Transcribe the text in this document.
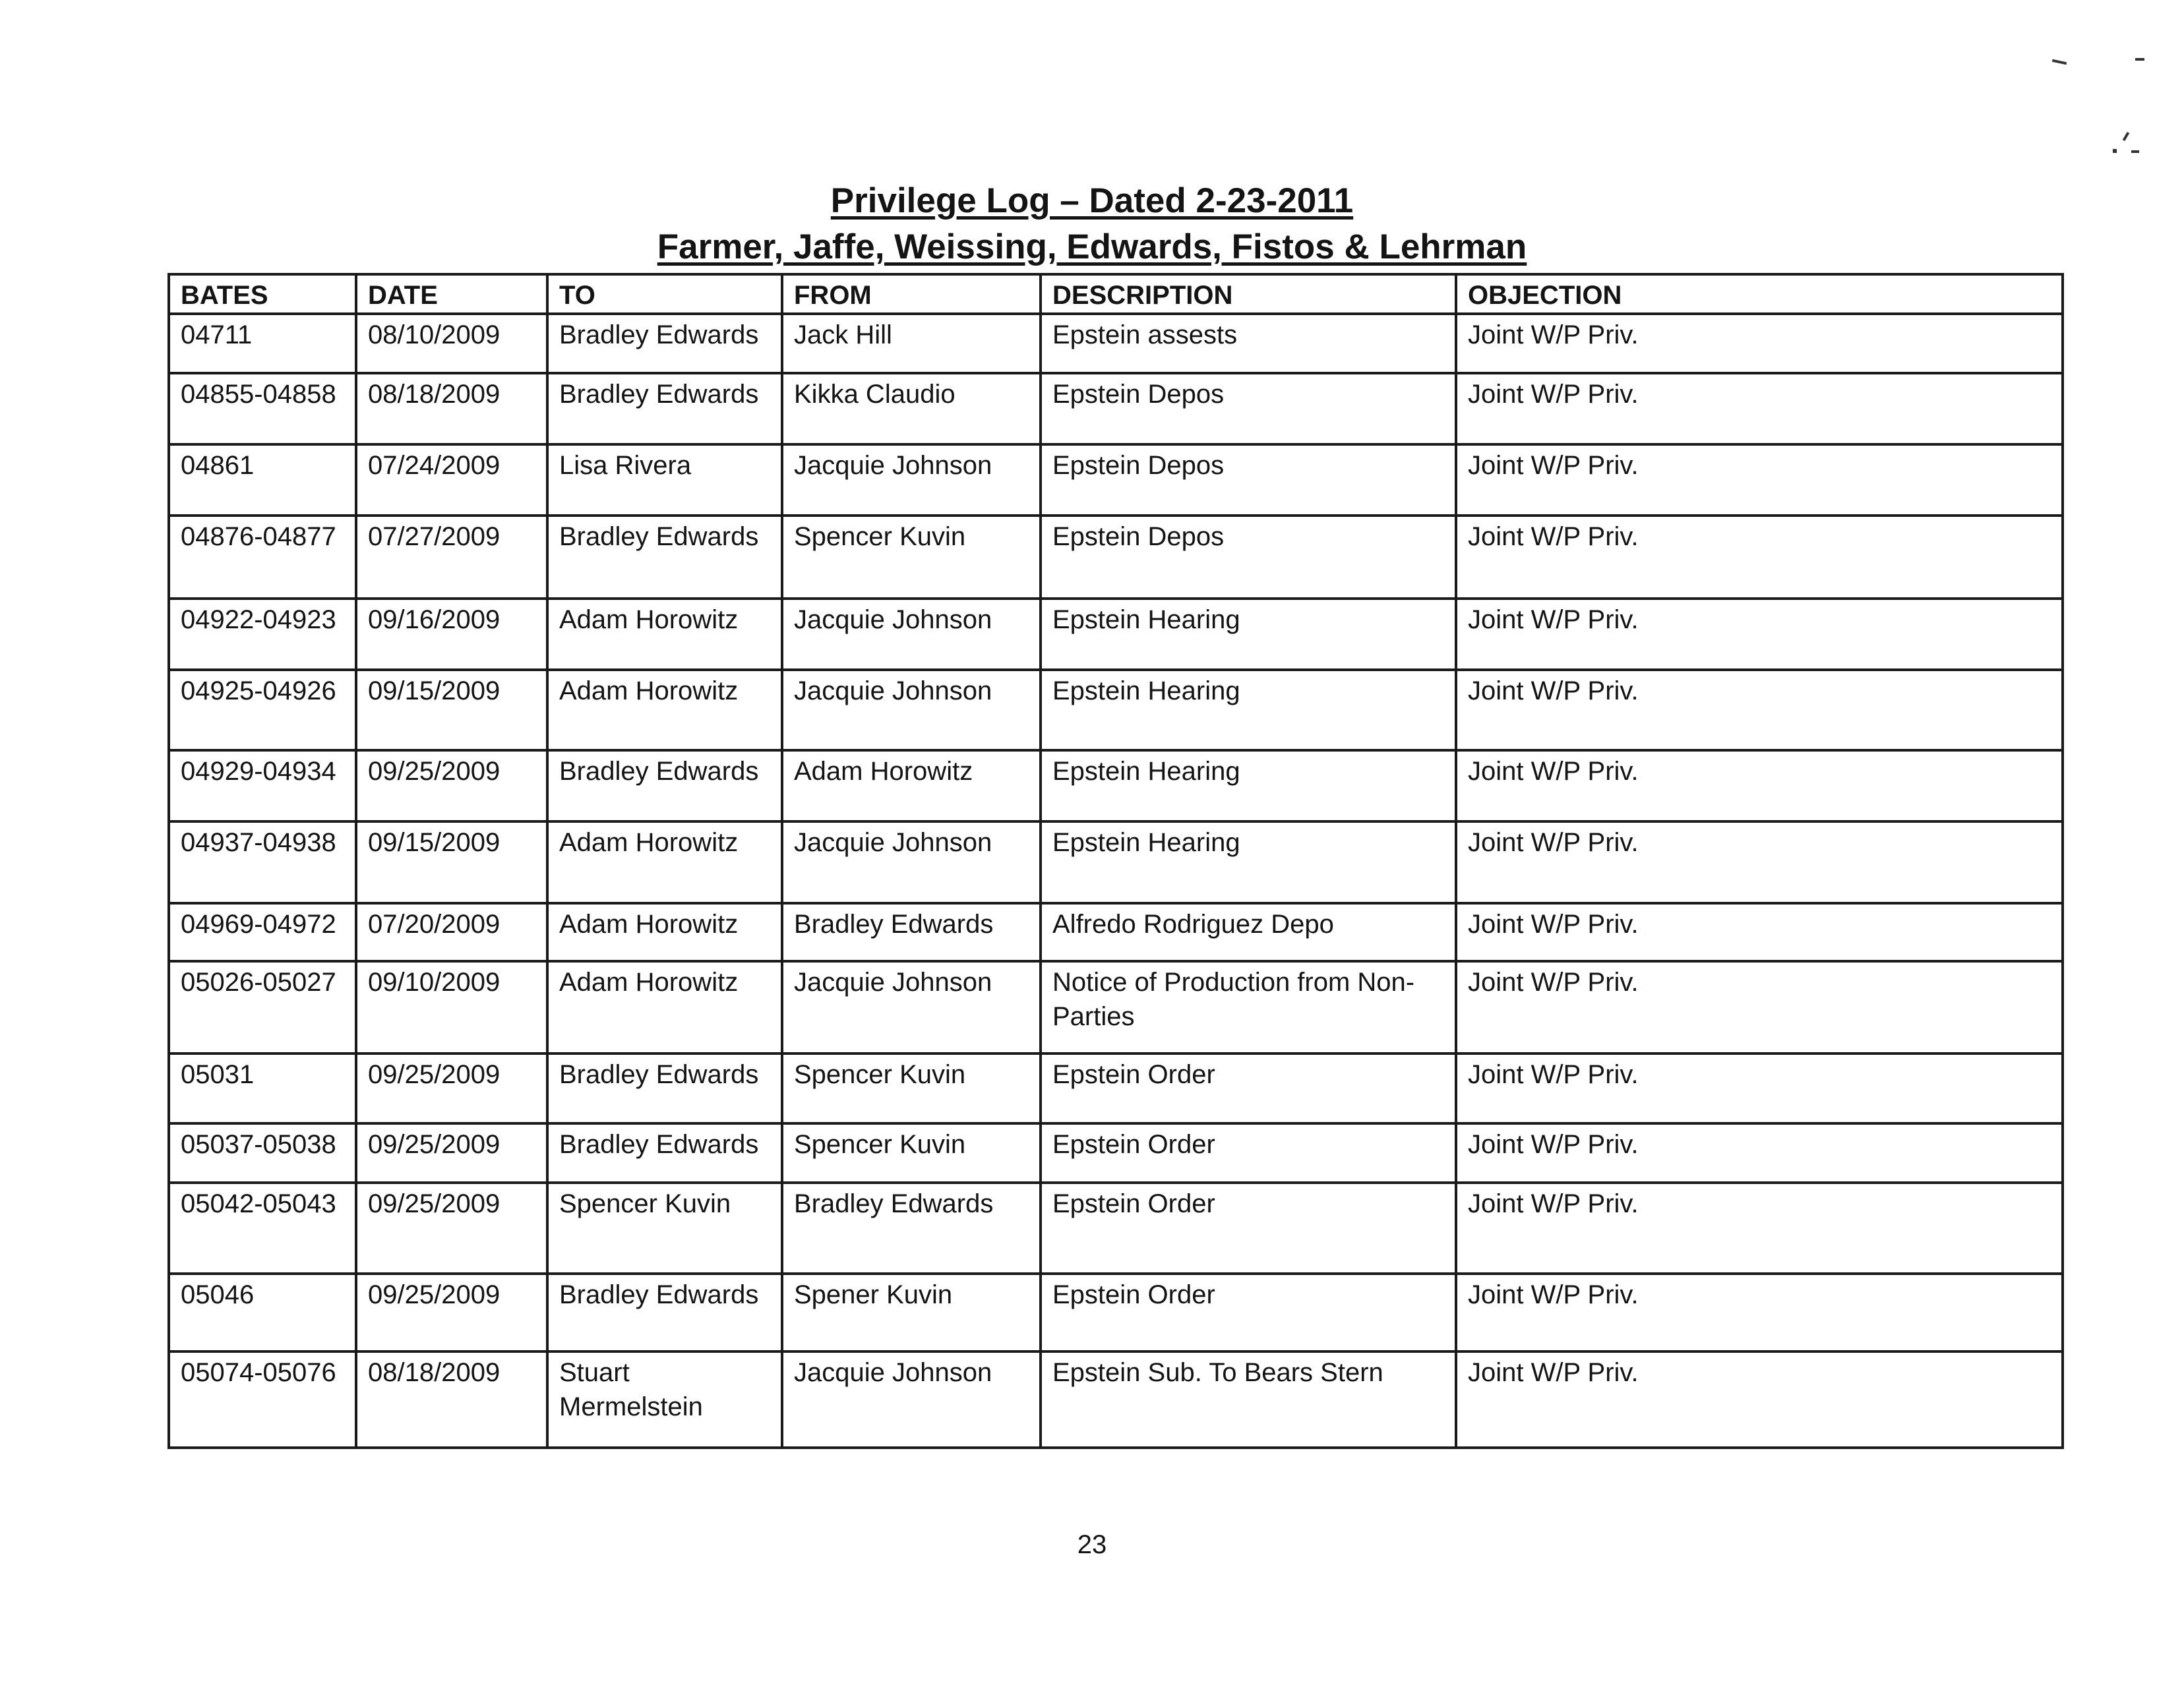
Privilege Log – Dated 2-23-2011

Farmer, Jaffe, Weissing, Edwards, Fistos & Lehrman

BATES	DATE	TO	FROM	DESCRIPTION	OBJECTION
04711	08/10/2009	Bradley Edwards	Jack Hill	Epstein assests	Joint W/P Priv.
04855-04858	08/18/2009	Bradley Edwards	Kikka Claudio	Epstein Depos	Joint W/P Priv.
04861	07/24/2009	Lisa Rivera	Jacquie Johnson	Epstein Depos	Joint W/P Priv.
04876-04877	07/27/2009	Bradley Edwards	Spencer Kuvin	Epstein Depos	Joint W/P Priv.
04922-04923	09/16/2009	Adam Horowitz	Jacquie Johnson	Epstein Hearing	Joint W/P Priv.
04925-04926	09/15/2009	Adam Horowitz	Jacquie Johnson	Epstein Hearing	Joint W/P Priv.
04929-04934	09/25/2009	Bradley Edwards	Adam Horowitz	Epstein Hearing	Joint W/P Priv.
04937-04938	09/15/2009	Adam Horowitz	Jacquie Johnson	Epstein Hearing	Joint W/P Priv.
04969-04972	07/20/2009	Adam Horowitz	Bradley Edwards	Alfredo Rodriguez Depo	Joint W/P Priv.
05026-05027	09/10/2009	Adam Horowitz	Jacquie Johnson	Notice of Production from Non-Parties	Joint W/P Priv.
05031	09/25/2009	Bradley Edwards	Spencer Kuvin	Epstein Order	Joint W/P Priv.
05037-05038	09/25/2009	Bradley Edwards	Spencer Kuvin	Epstein Order	Joint W/P Priv.
05042-05043	09/25/2009	Spencer Kuvin	Bradley Edwards	Epstein Order	Joint W/P Priv.
05046	09/25/2009	Bradley Edwards	Spener Kuvin	Epstein Order	Joint W/P Priv.
05074-05076	08/18/2009	Stuart Mermelstein	Jacquie Johnson	Epstein Sub. To Bears Stern	Joint W/P Priv.
23
